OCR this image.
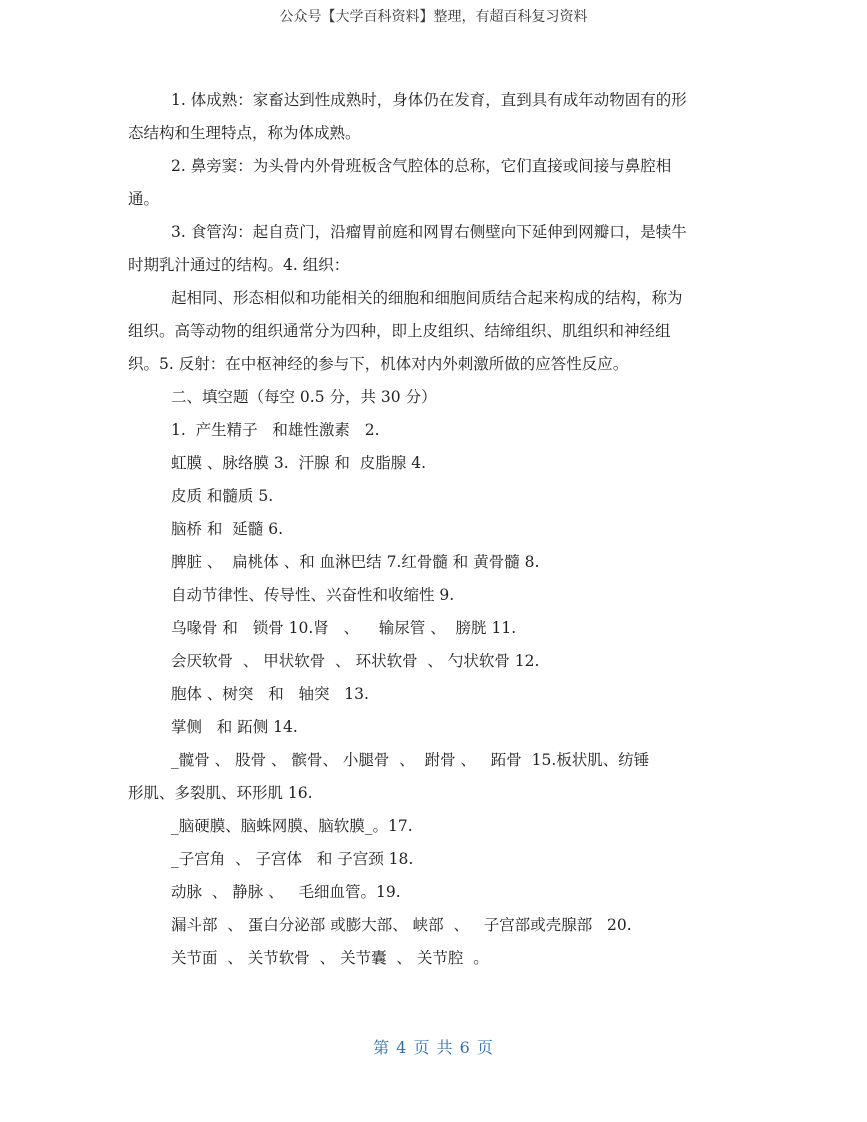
公众号【大学百科资料】整理，有超百科复习资料

1. 体成熟：家畜达到性成熟时，身体仍在发育，直到具有成年动物固有的形

态结构和生理特点，称为体成熟。

2. 鼻旁窦：为头骨内外骨班板含气腔体的总称，它们直接或间接与鼻腔相

通。

3. 食管沟：起自贲门，沿瘤胃前庭和网胃右侧壁向下延伸到网瓣口，是犊牛

时期乳汁通过的结构。4. 组织：

起相同、形态相似和功能相关的细胞和细胞间质结合起来构成的结构，称为

组织。高等动物的组织通常分为四种，即上皮组织、结缔组织、肌组织和神经组

织。5. 反射：在中枢神经的参与下，机体对内外刺激所做的应答性反应。

二、填空题（每空 0.5 分，共 30 分）

1.  产生精子   和雄性激素   2.

虹膜 、脉络膜 3.  汗腺 和  皮脂腺 4.

皮质 和髓质 5.

脑桥 和  延髓 6.

脾脏 、  扁桃体 、和 血淋巴结 7.红骨髓 和 黄骨髓 8.

自动节律性、传导性、兴奋性和收缩性 9.

乌喙骨 和   锁骨 10.肾   、    输尿管 、  膀胱 11.

会厌软骨  、 甲状软骨  、 环状软骨  、 勺状软骨 12.

胞体 、树突   和   轴突   13.

掌侧   和 跖侧 14.

_髋骨 、 股骨 、 髌骨、 小腿骨  、  跗骨 、   跖骨  15.板状肌、纺锤

形肌、多裂肌、环形肌 16.

_脑硬膜、脑蛛网膜、脑软膜_。17.

_子宫角  、 子宫体   和 子宫颈 18.

动脉  、 静脉 、   毛细血管。19.

漏斗部  、 蛋白分泌部 或膨大部、 峡部  、   子宫部或壳腺部   20.

关节面  、 关节软骨  、 关节囊  、 关节腔  。

第 4 页 共 6 页
